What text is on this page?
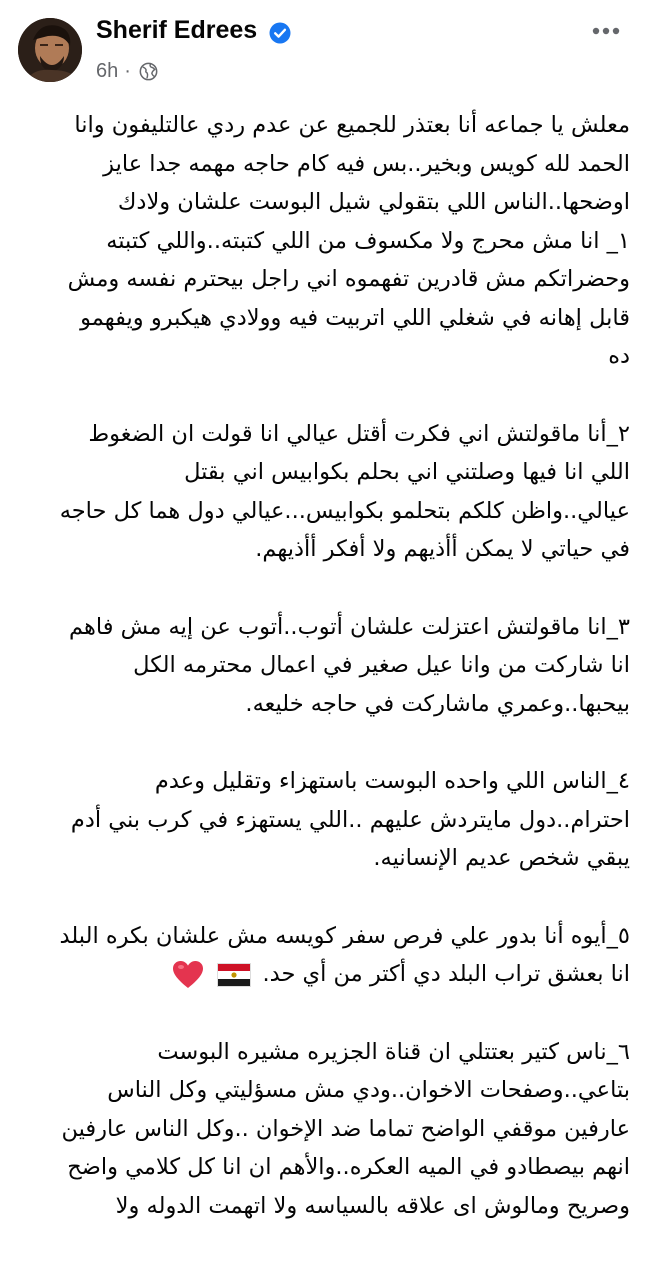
Sherif Edrees
6h ·

معلش يا جماعه أنا بعتذر للجميع عن عدم ردي عالتليفون وانا
الحمد لله كويس وبخير..بس فيه كام حاجه مهمه جدا عايز
اوضحها..الناس اللي بتقولي شيل البوست علشان ولادك
١_ انا مش محرج ولا مكسوف من اللي كتبته..واللي كتبته
وحضراتكم مش قادرين تفهموه اني راجل بيحترم نفسه ومش
قابل إهانه في شغلي اللي اتربيت فيه وولادي هيكبرو ويفهمو
ده

٢_أنا ماقولتش اني فكرت أقتل عيالي انا قولت ان الضغوط
اللي انا فيها وصلتني اني بحلم بكوابيس اني بقتل
عيالي..واظن كلكم بتحلمو بكوابيس...عيالي دول هما كل حاجه
في حياتي لا يمكن أأذيهم ولا أفكر أأذيهم.

٣_انا ماقولتش اعتزلت علشان أتوب..أتوب عن إيه مش فاهم
انا شاركت من وانا عيل صغير في اعمال محترمه الكل
بيحبها..وعمري ماشاركت في حاجه خليعه.

٤_الناس اللي واحده البوست باستهزاء وتقليل وعدم
احترام..دول مايتردش عليهم ..اللي يستهزء في كرب بني أدم
يبقي شخص عديم الإنسانيه.

٥_أيوه أنا بدور علي فرص سفر كويسه مش علشان بكره البلد
انا بعشق تراب البلد دي أكتر من أي حد.

٦_ناس كتير بعتتلي ان قناة الجزيره مشيره البوست
بتاعي..وصفحات الاخوان..ودي مش مسؤليتي وكل الناس
عارفين موقفي الواضح تماما ضد الإخوان ..وكل الناس عارفين
انهم بيصطادو في الميه العكره..والأهم ان انا كل كلامي واضح
وصريح ومالوش اى علاقه بالسياسه ولا اتهمت الدوله ولا
